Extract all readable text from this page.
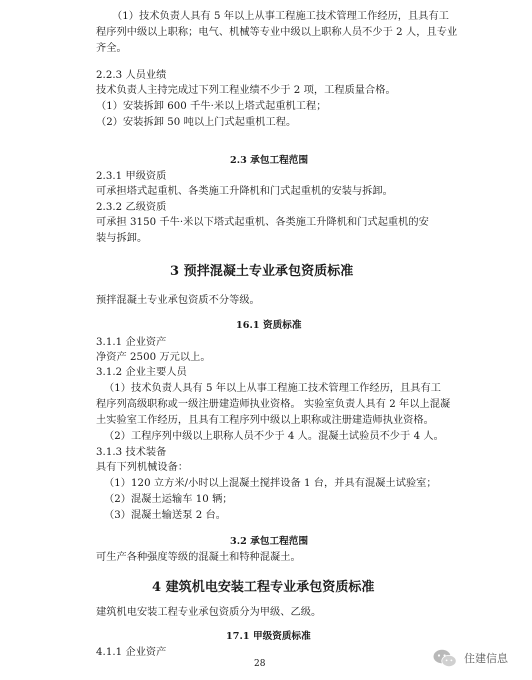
（1）技术负责人具有 5 年以上从事工程施工技术管理工作经历，且具有工

程序列中级以上职称；电气、机械等专业中级以上职称人员不少于 2 人，且专业

齐全。

2.2.3 人员业绩

技术负责人主持完成过下列工程业绩不少于 2 项，工程质量合格。

（1）安装拆卸 600 千牛·米以上塔式起重机工程；

（2）安装拆卸 50 吨以上门式起重机工程。

2.3 承包工程范围

2.3.1 甲级资质

可承担塔式起重机、各类施工升降机和门式起重机的安装与拆卸。

2.3.2 乙级资质

可承担 3150 千牛·米以下塔式起重机、各类施工升降机和门式起重机的安

装与拆卸。

3 预拌混凝土专业承包资质标准

预拌混凝土专业承包资质不分等级。

16.1 资质标准

3.1.1 企业资产

净资产 2500 万元以上。

3.1.2 企业主要人员

（1）技术负责人具有 5 年以上从事工程施工技术管理工作经历，且具有工

程序列高级职称或一级注册建造师执业资格。 实验室负责人具有 2 年以上混凝

土实验室工作经历，且具有工程序列中级以上职称或注册建造师执业资格。

（2）工程序列中级以上职称人员不少于 4 人。混凝土试验员不少于 4 人。

3.1.3 技术装备

具有下列机械设备：

（1）120 立方米/小时以上混凝土搅拌设备 1 台，并具有混凝土试验室；

（2）混凝土运输车 10 辆；

（3）混凝土输送泵 2 台。

3.2 承包工程范围

可生产各种强度等级的混凝土和特种混凝土。

4 建筑机电安装工程专业承包资质标准

建筑机电安装工程专业承包资质分为甲级、乙级。

17.1 甲级资质标准

4.1.1 企业资产

28	住建信息
